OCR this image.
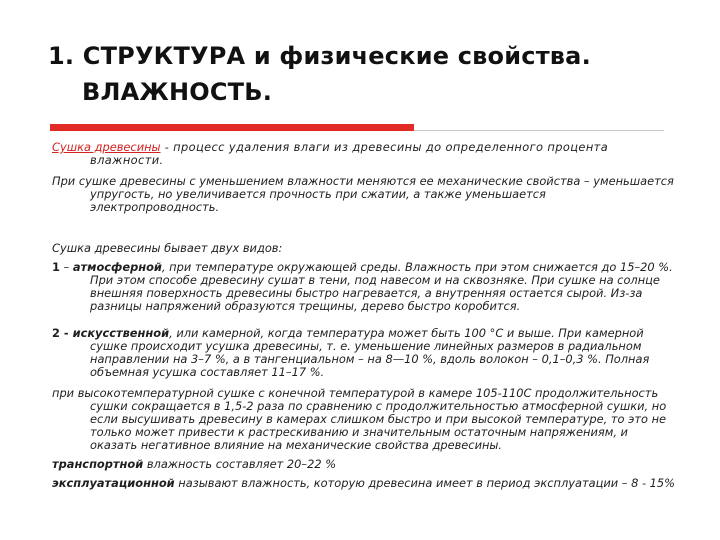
1. СТРУКТУРА и физические свойства.
ВЛАЖНОСТЬ.

Сушка древесины - процесс удаления влаги из древесины до определенного процента влажности.

При сушке древесины с уменьшением влажности меняются ее механические свойства – уменьшается упругость, но увеличивается прочность при сжатии, а также уменьшается электропроводность.

Сушка древесины бывает двух видов:

1 – атмосферной, при температуре окружающей среды. Влажность при этом снижается до 15–20 %. При этом способе древесину сушат в тени, под навесом и на сквозняке. При сушке на солнце внешняя поверхность древесины быстро нагревается, а внутренняя остается сырой. Из-за разницы напряжений образуются трещины, дерево быстро коробится.

2 - искусственной, или камерной, когда температура может быть 100 °С и выше. При камерной сушке происходит усушка древесины, т. е. уменьшение линейных размеров в радиальном направлении на 3–7 %, а в тангенциальном – на 8—10 %, вдоль волокон – 0,1–0,3 %. Полная объемная усушка составляет 11–17 %.

при высокотемпературной сушке с конечной температурой в камере 105-110С продолжительность сушки сокращается в 1,5-2 раза по сравнению с продолжительностью атмосферной сушки, но если высушивать древесину в камерах слишком быстро и при высокой температуре, то это не только может привести к растрескиванию и значительным остаточным напряжениям, и оказать негативное влияние на механические свойства древесины.

транспортной влажность составляет 20–22 %

эксплуатационной называют влажность, которую древесина имеет в период эксплуатации – 8 - 15%
